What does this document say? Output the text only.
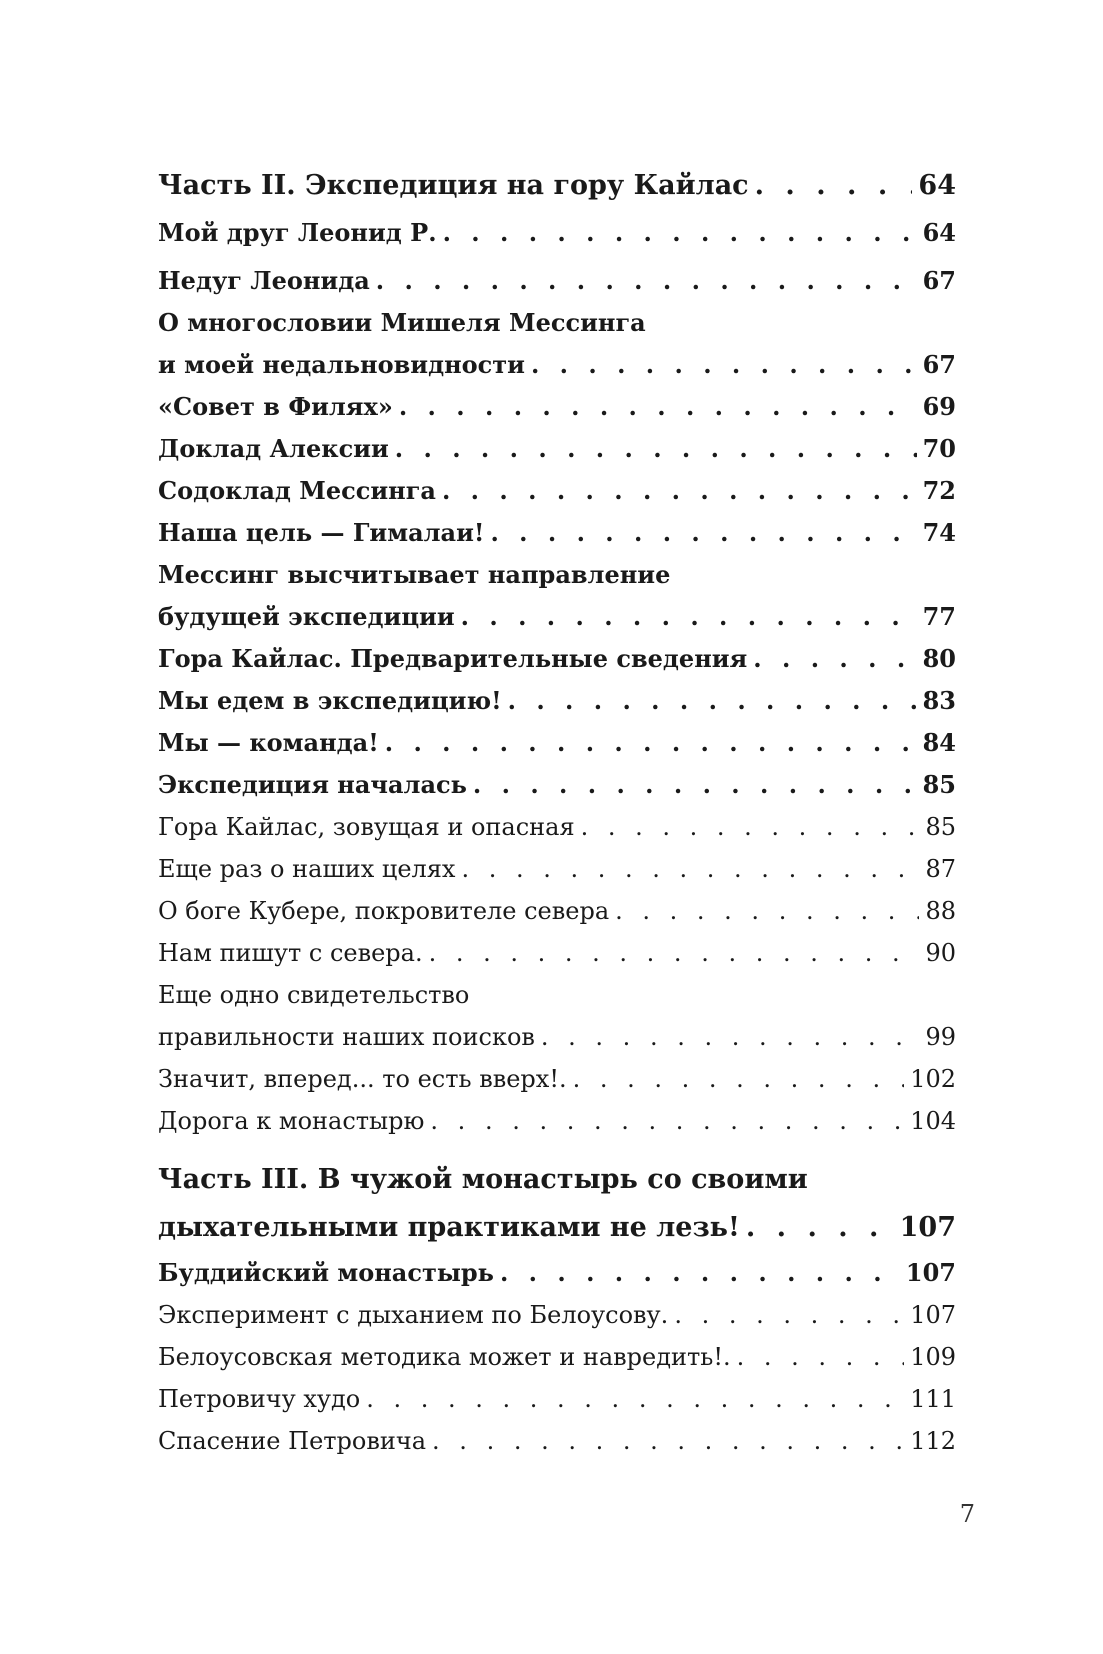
Часть II. Экспедиция на гору Кайлас . . .	64
Мой друг Леонид Р. . . .	64
Недуг Леонида . . .	67
О многословии Мишеля Мессинга
и моей недальновидности . . .	67
«Совет в Филях» . . .	69
Доклад Алексии . . .	70
Содоклад Мессинга . . .	72
Наша цель — Гималаи! . . .	74
Мессинг высчитывает направление
будущей экспедиции . . .	77
Гора Кайлас. Предварительные сведения . . .	80
Мы едем в экспедицию! . . .	83
Мы — команда! . . .	84
Экспедиция началась . . .	85
Гора Кайлас, зовущая и опасная . . .	85
Еще раз о наших целях . . .	87
О боге Кубере, покровителе севера . . .	88
Нам пишут с севера. . . .	90
Еще одно свидетельство
правильности наших поисков . . .	99
Значит, вперед... то есть вверх!. . . .	102
Дорога к монастырю . . .	104
Часть III. В чужой монастырь со своими
дыхательными практиками не лезь! . . .	107
Буддийский монастырь . . .	107
Эксперимент с дыханием по Белоусову. . . .	107
Белоусовская методика может и навредить!. . . .	109
Петровичу худо . . .	111
Спасение Петровича . . .	112
7
